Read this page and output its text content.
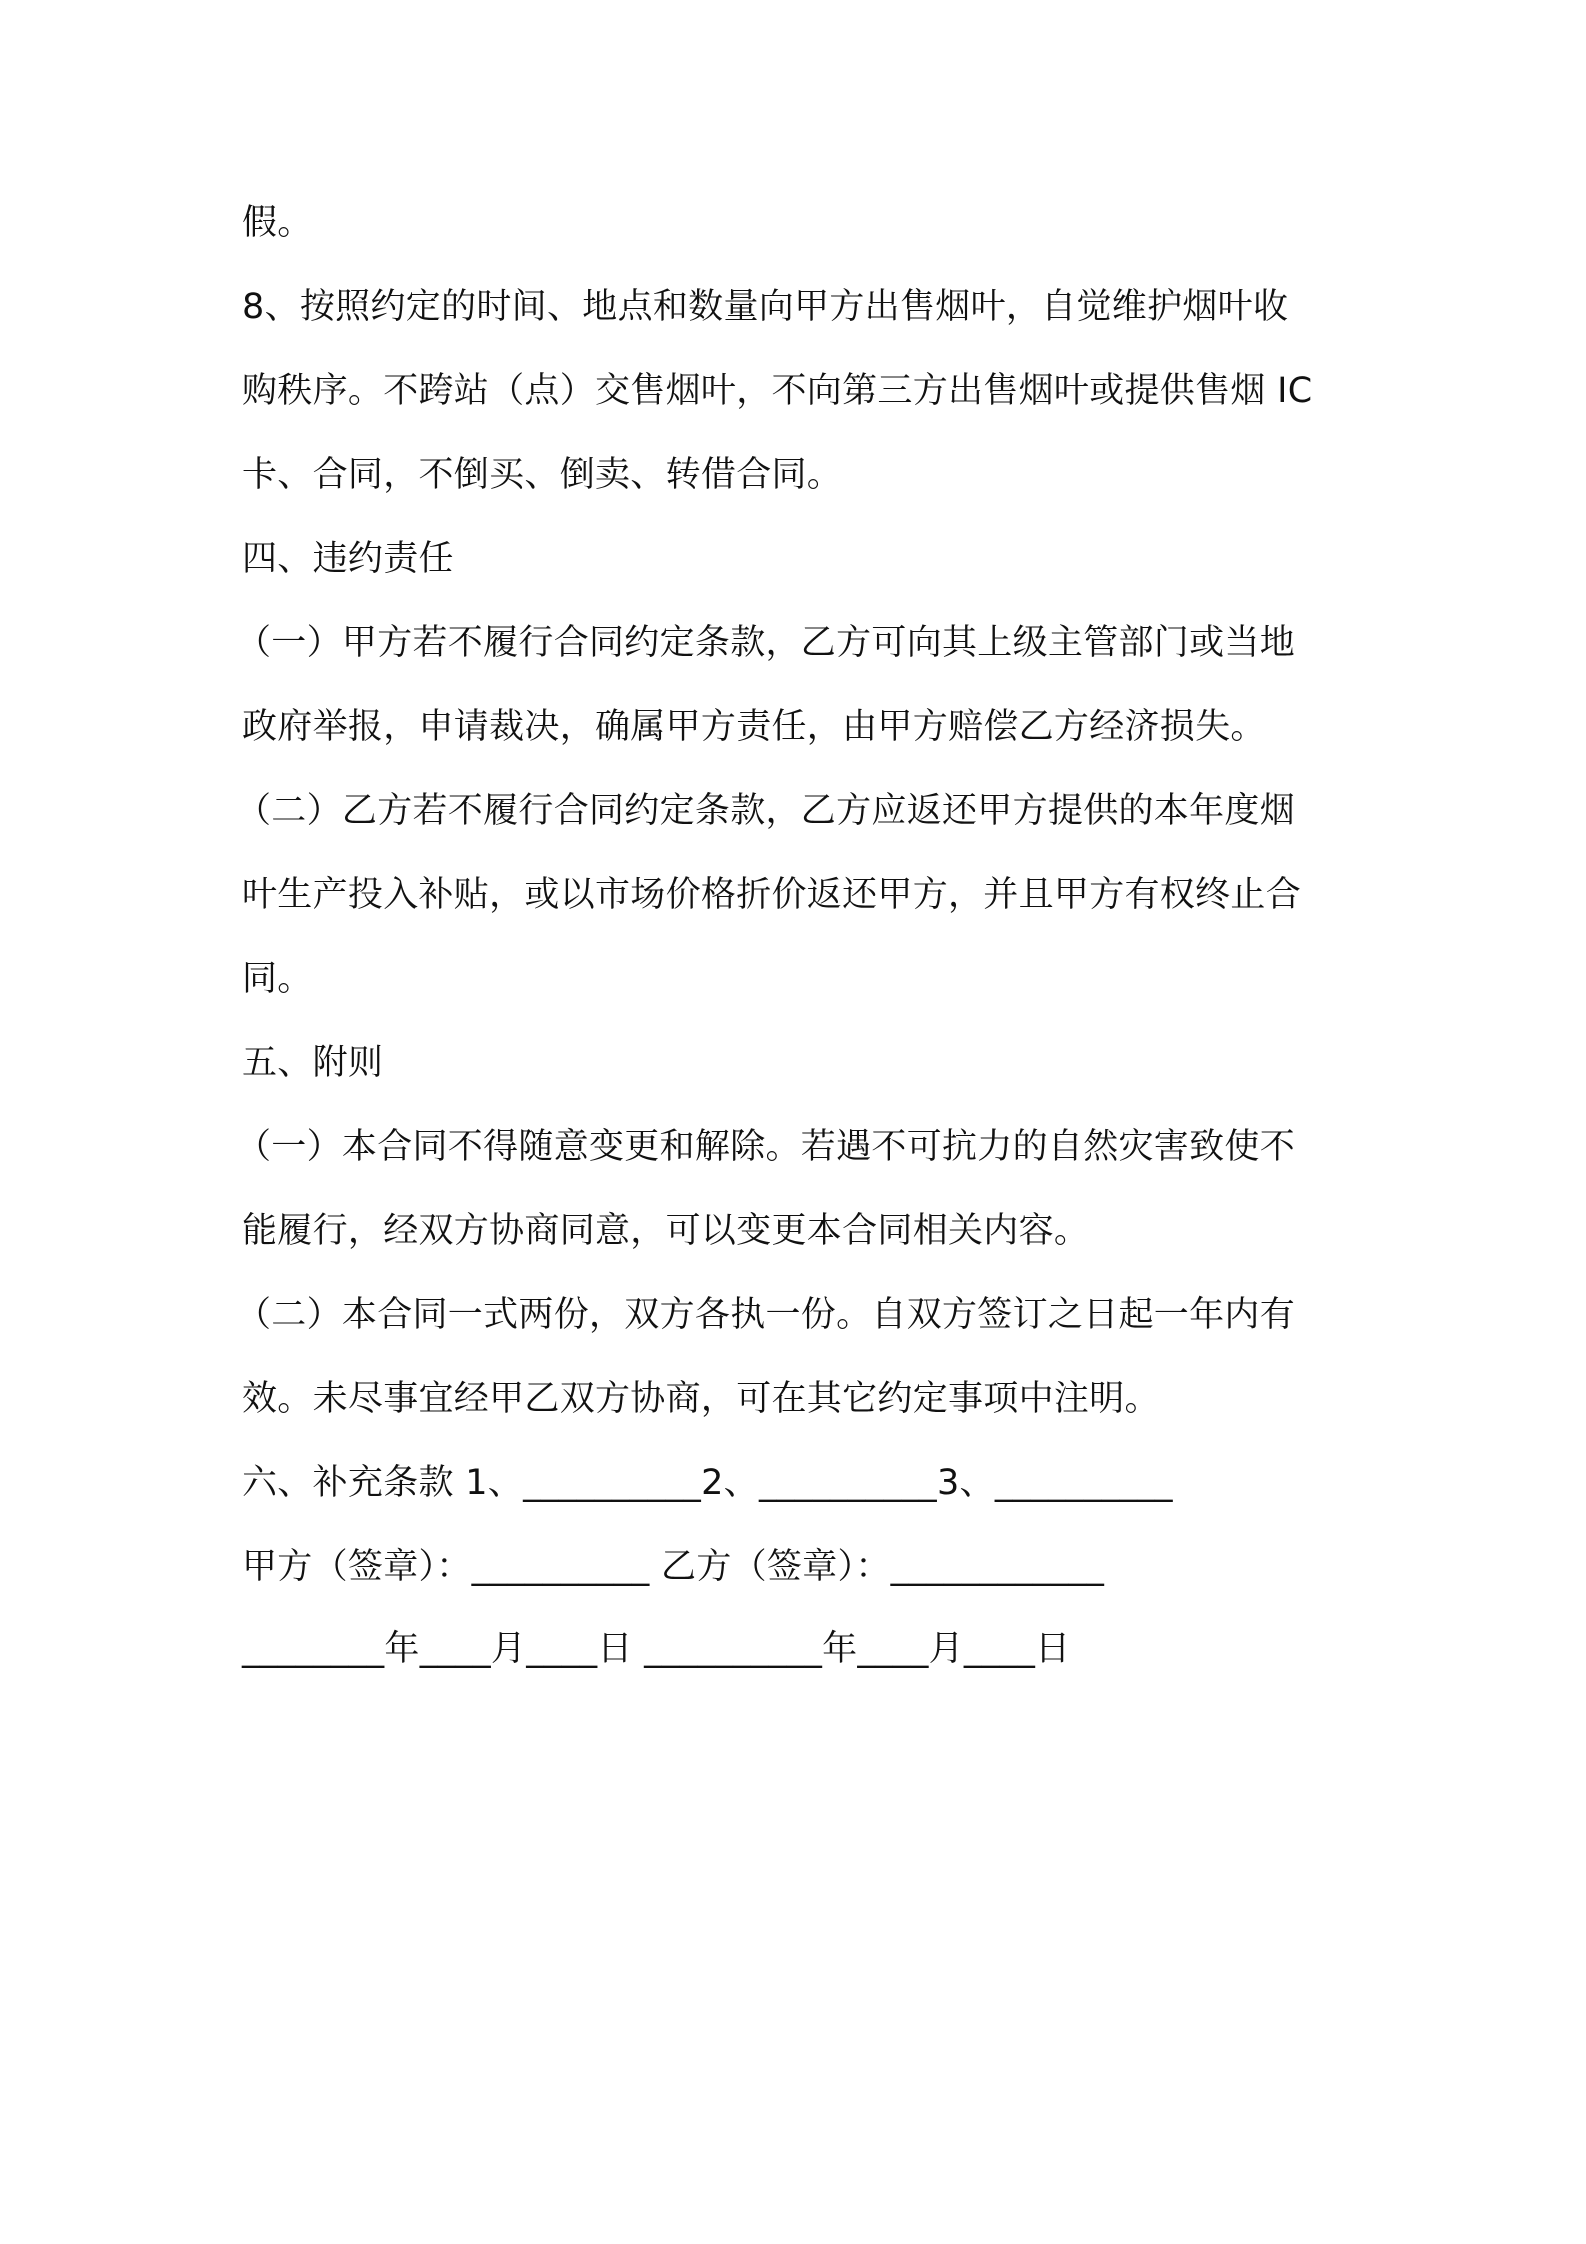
假。
8、按照约定的时间、地点和数量向甲方出售烟叶，自觉维护烟叶收
购秩序。不跨站（点）交售烟叶，不向第三方出售烟叶或提供售烟 IC
卡、合同，不倒买、倒卖、转借合同。
四、违约责任
（一）甲方若不履行合同约定条款，乙方可向其上级主管部门或当地
政府举报，申请裁决，确属甲方责任，由甲方赔偿乙方经济损失。
（二）乙方若不履行合同约定条款，乙方应返还甲方提供的本年度烟
叶生产投入补贴，或以市场价格折价返还甲方，并且甲方有权终止合
同。
五、附则
（一）本合同不得随意变更和解除。若遇不可抗力的自然灾害致使不
能履行，经双方协商同意，可以变更本合同相关内容。
（二）本合同一式两份，双方各执一份。自双方签订之日起一年内有
效。未尽事宜经甲乙双方协商，可在其它约定事项中注明。
六、补充条款 1、__________2、__________3、__________
甲方（签章）：__________ 乙方（签章）：____________
________年____月____日 __________年____月____日
